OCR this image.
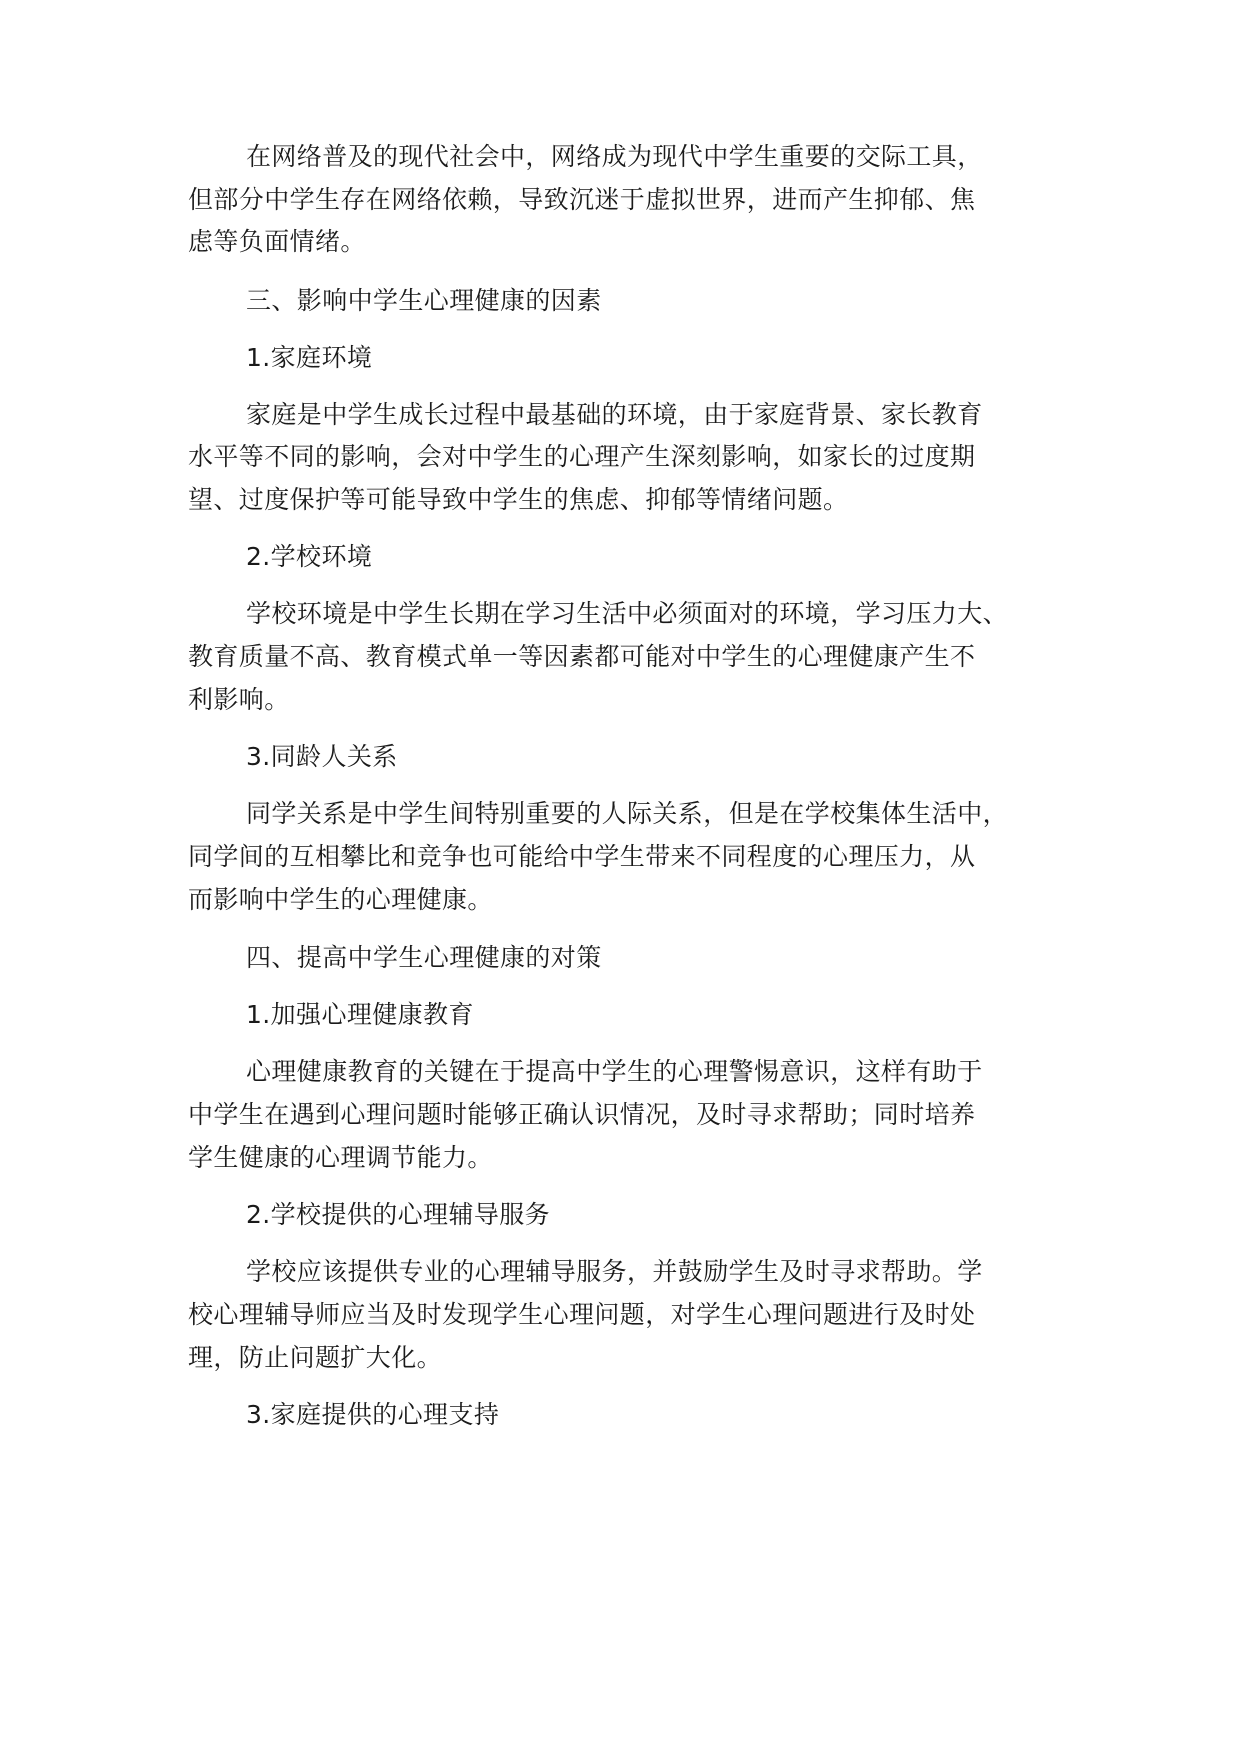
在网络普及的现代社会中，网络成为现代中学生重要的交际工具，

但部分中学生存在网络依赖，导致沉迷于虚拟世界，进而产生抑郁、焦

虑等负面情绪。

三、影响中学生心理健康的因素

1.家庭环境

家庭是中学生成长过程中最基础的环境，由于家庭背景、家长教育

水平等不同的影响，会对中学生的心理产生深刻影响，如家长的过度期

望、过度保护等可能导致中学生的焦虑、抑郁等情绪问题。

2.学校环境

学校环境是中学生长期在学习生活中必须面对的环境，学习压力大、

教育质量不高、教育模式单一等因素都可能对中学生的心理健康产生不

利影响。

3.同龄人关系

同学关系是中学生间特别重要的人际关系，但是在学校集体生活中，

同学间的互相攀比和竞争也可能给中学生带来不同程度的心理压力，从

而影响中学生的心理健康。

四、提高中学生心理健康的对策

1.加强心理健康教育

心理健康教育的关键在于提高中学生的心理警惕意识，这样有助于

中学生在遇到心理问题时能够正确认识情况，及时寻求帮助；同时培养

学生健康的心理调节能力。

2.学校提供的心理辅导服务

学校应该提供专业的心理辅导服务，并鼓励学生及时寻求帮助。学

校心理辅导师应当及时发现学生心理问题，对学生心理问题进行及时处

理，防止问题扩大化。

3.家庭提供的心理支持
